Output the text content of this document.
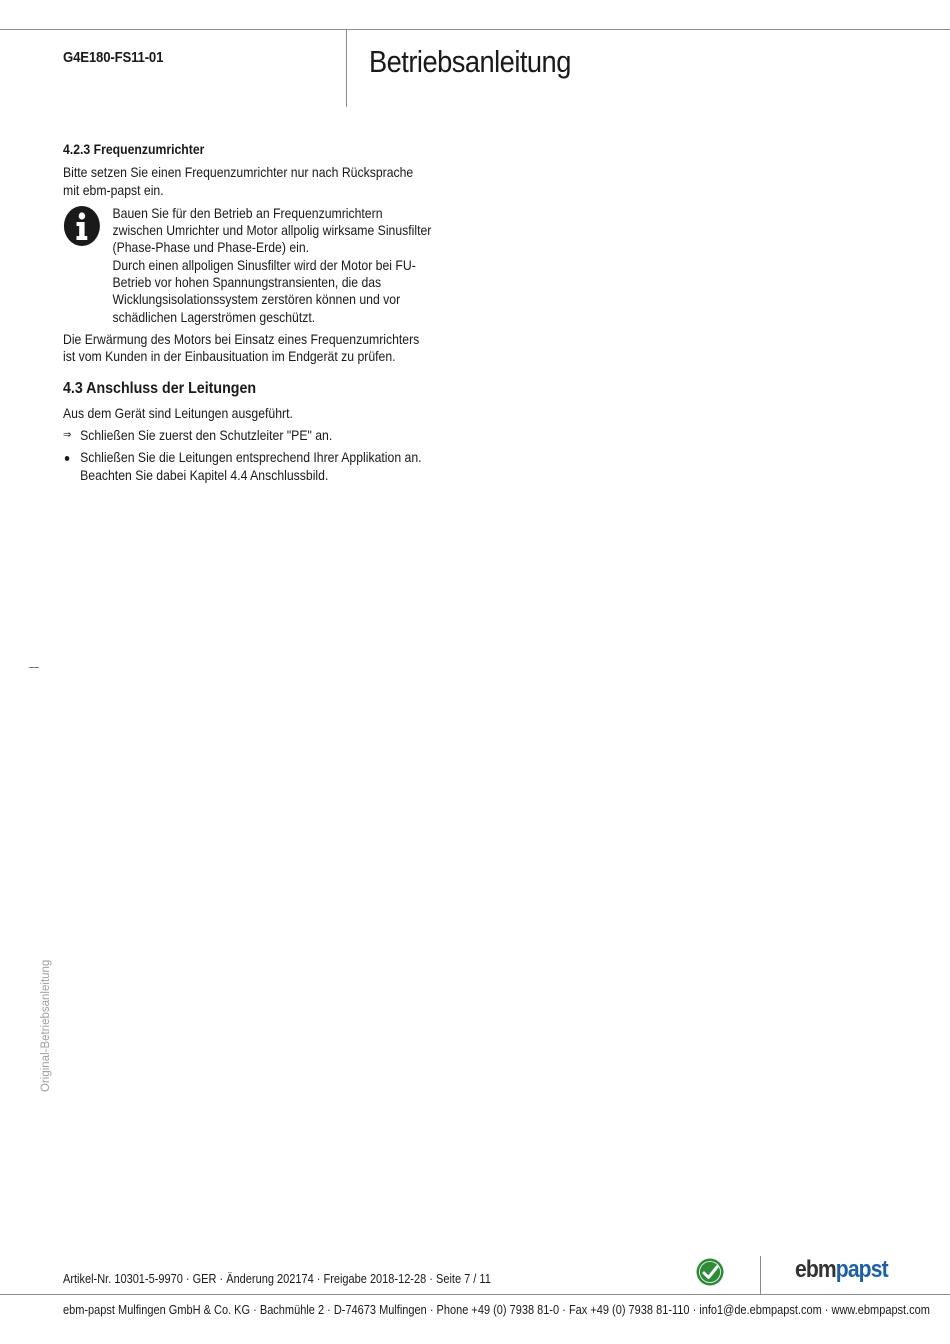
G4E180-FS11-01	Betriebsanleitung
4.2.3 Frequenzumrichter

Bitte setzen Sie einen Frequenzumrichter nur nach Rücksprache mit ebm-papst ein.

Bauen Sie für den Betrieb an Frequenzumrichtern zwischen Umrichter und Motor allpolig wirksame Sinusfilter (Phase-Phase und Phase-Erde) ein.

Durch einen allpoligen Sinusfilter wird der Motor bei FU-Betrieb vor hohen Spannungstransienten, die das Wicklungsisolationssystem zerstören können und vor schädlichen Lagerströmen geschützt.

Die Erwärmung des Motors bei Einsatz eines Frequenzumrichters ist vom Kunden in der Einbausituation im Endgerät zu prüfen.

4.3 Anschluss der Leitungen

Aus dem Gerät sind Leitungen ausgeführt.

⇒ Schließen Sie zuerst den Schutzleiter "PE" an.
Schließen Sie die Leitungen entsprechend Ihrer Applikation an. Beachten Sie dabei Kapitel 4.4 Anschlussbild.
Original-Betriebsanleitung
Artikel-Nr. 10301-5-9970 · GER · Änderung 202174 · Freigabe 2018-12-28 · Seite 7 / 11	ebmpapst
ebm-papst Mulfingen GmbH & Co. KG · Bachmühle 2 · D-74673 Mulfingen · Phone +49 (0) 7938 81-0 · Fax +49 (0) 7938 81-110 · info1@de.ebmpapst.com · www.ebmpapst.com
